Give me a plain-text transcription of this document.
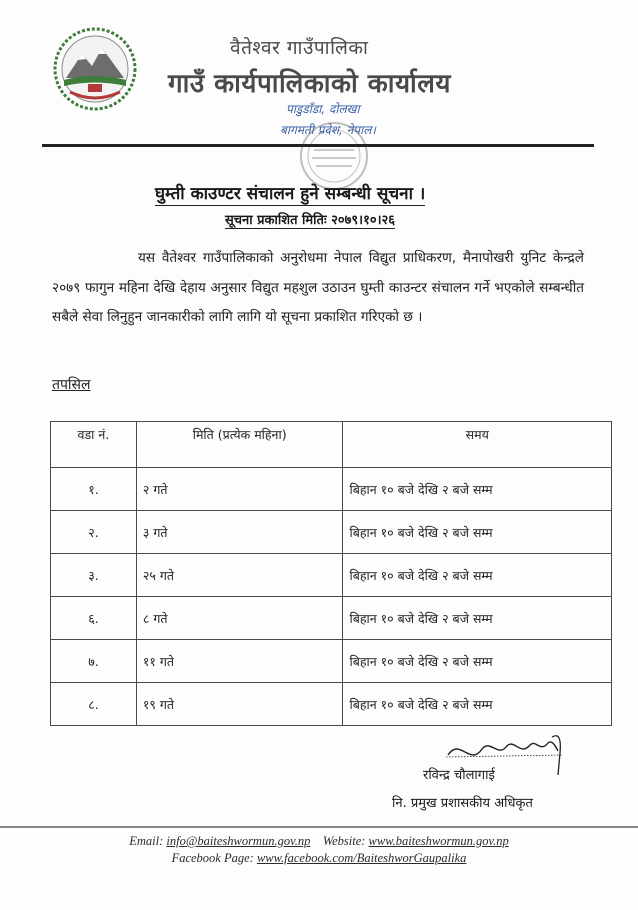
वैतेश्वर गाउँपालिका
गाउँ कार्यपालिकाको कार्यालय
पाडुडाँडा, दोलखा
बागमती प्रदेश, नेपाल।
घुम्ती काउण्टर संचालन हुने सम्बन्धी सूचना ।
सूचना प्रकाशित मितिः २०७९।१०।२६
यस वैतेश्वर गाउँपालिकाको अनुरोधमा नेपाल विद्युत प्राधिकरण, मैनापोखरी युनिट केन्द्रले २०७९ फागुन महिना देखि देहाय अनुसार विद्युत महशुल उठाउन घुम्ती काउन्टर संचालन गर्ने भएकोले सम्बन्धीत सबैले सेवा लिनुहुन जानकारीको लागि लागि यो सूचना प्रकाशित गरिएको छ ।
तपसिल
वडा नं.	मिति (प्रत्येक महिना)	समय
१.	२ गते	बिहान १० बजे देखि २ बजे सम्म
२.	३ गते	बिहान १० बजे देखि २ बजे सम्म
३.	२५ गते	बिहान १० बजे देखि २ बजे सम्म
६.	८ गते	बिहान १० बजे देखि २ बजे सम्म
७.	११ गते	बिहान १० बजे देखि २ बजे सम्म
८.	१९ गते	बिहान १० बजे देखि २ बजे सम्म
रविन्द्र चौलागाई
नि. प्रमुख प्रशासकीय अधिकृत
Email: info@baiteshwormun.gov.np Website: www.baiteshwormun.gov.np
Facebook Page: www.facebook.com/BaiteshworGaupalika
